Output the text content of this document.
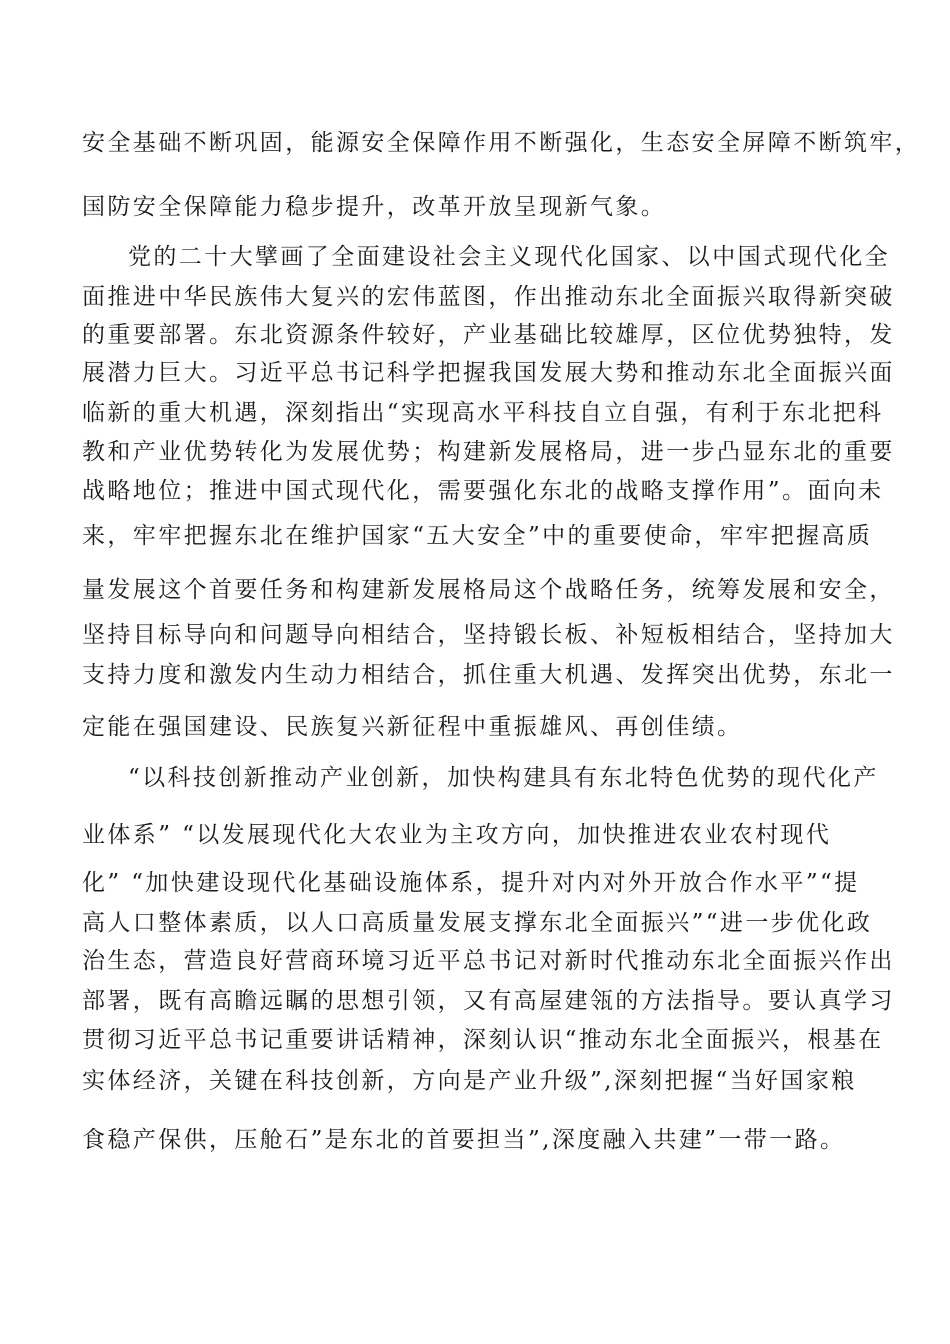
安全基础不断巩固，能源安全保障作用不断强化，生态安全屏障不断筑牢，
国防安全保障能力稳步提升，改革开放呈现新气象。
党的二十大擘画了全面建设社会主义现代化国家、以中国式现代化全
面推进中华民族伟大复兴的宏伟蓝图，作出推动东北全面振兴取得新突破
的重要部署。东北资源条件较好，产业基础比较雄厚，区位优势独特，发
展潜力巨大。习近平总书记科学把握我国发展大势和推动东北全面振兴面
临新的重大机遇，深刻指出“实现高水平科技自立自强，有利于东北把科
教和产业优势转化为发展优势；构建新发展格局，进一步凸显东北的重要
战略地位；推进中国式现代化，需要强化东北的战略支撑作用”。面向未
来，牢牢把握东北在维护国家“五大安全”中的重要使命，牢牢把握高质
量发展这个首要任务和构建新发展格局这个战略任务，统筹发展和安全，
坚持目标导向和问题导向相结合，坚持锻长板、补短板相结合，坚持加大
支持力度和激发内生动力相结合，抓住重大机遇、发挥突出优势，东北一
定能在强国建设、民族复兴新征程中重振雄风、再创佳绩。
“以科技创新推动产业创新，加快构建具有东北特色优势的现代化产
业体系” “以发展现代化大农业为主攻方向，加快推进农业农村现代
化” “加快建设现代化基础设施体系，提升对内对外开放合作水平”“提
高人口整体素质，以人口高质量发展支撑东北全面振兴”“进一步优化政
治生态，营造良好营商环境习近平总书记对新时代推动东北全面振兴作出
部署，既有高瞻远瞩的思想引领，又有高屋建瓴的方法指导。要认真学习
贯彻习近平总书记重要讲话精神，深刻认识“推动东北全面振兴，根基在
实体经济，关键在科技创新，方向是产业升级”,深刻把握“当好国家粮
食稳产保供，压舱石”是东北的首要担当”,深度融入共建”一带一路。
